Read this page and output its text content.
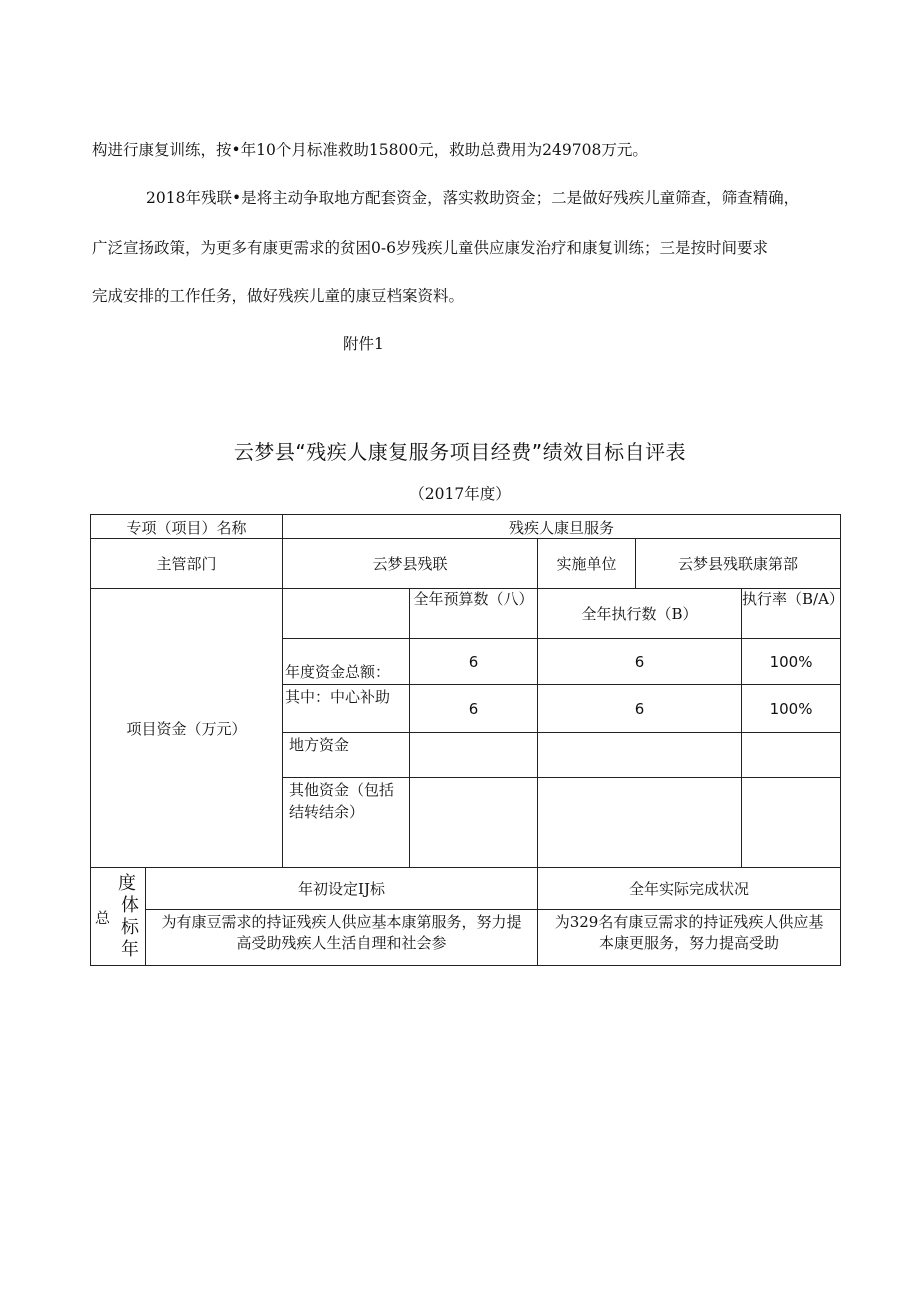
构进行康复训练，按•年10个月标准救助15800元，救助总费用为249708万元。
2018年残联•是将主动争取地方配套资金，落实救助资金；二是做好残疾儿童筛查，筛查精确，
广泛宣扬政策，为更多有康更需求的贫困0-6岁残疾儿童供应康发治疗和康复训练；三是按时间要求
完成安排的工作任务，做好残疾儿童的康豆档案资料。
附件1
云梦县“残疾人康复服务项目经费”绩效目标自评表
（2017年度）
专项（项目）名称		残疾人康旦服务				
主管部门		云梦县残联		实施单位	云梦县残联康第部	
项目资金（万元）			全年预算数（八）	全年执行数（B）		执行率（B/A）
		年度资金总额：	6	6		100%
		其中：中心补助	6	6		100%
		地方资金				
		其他资金（包括结转结余）				

度
体
总 标
年	年初设定IJ标			全年实际完成状况		
	为有康豆需求的持证残疾人供应基本康第服务，努力提高受助残疾人生活自理和社会参			为329名有康豆需求的持证残疾人供应基本康更服务，努力提高受助		
